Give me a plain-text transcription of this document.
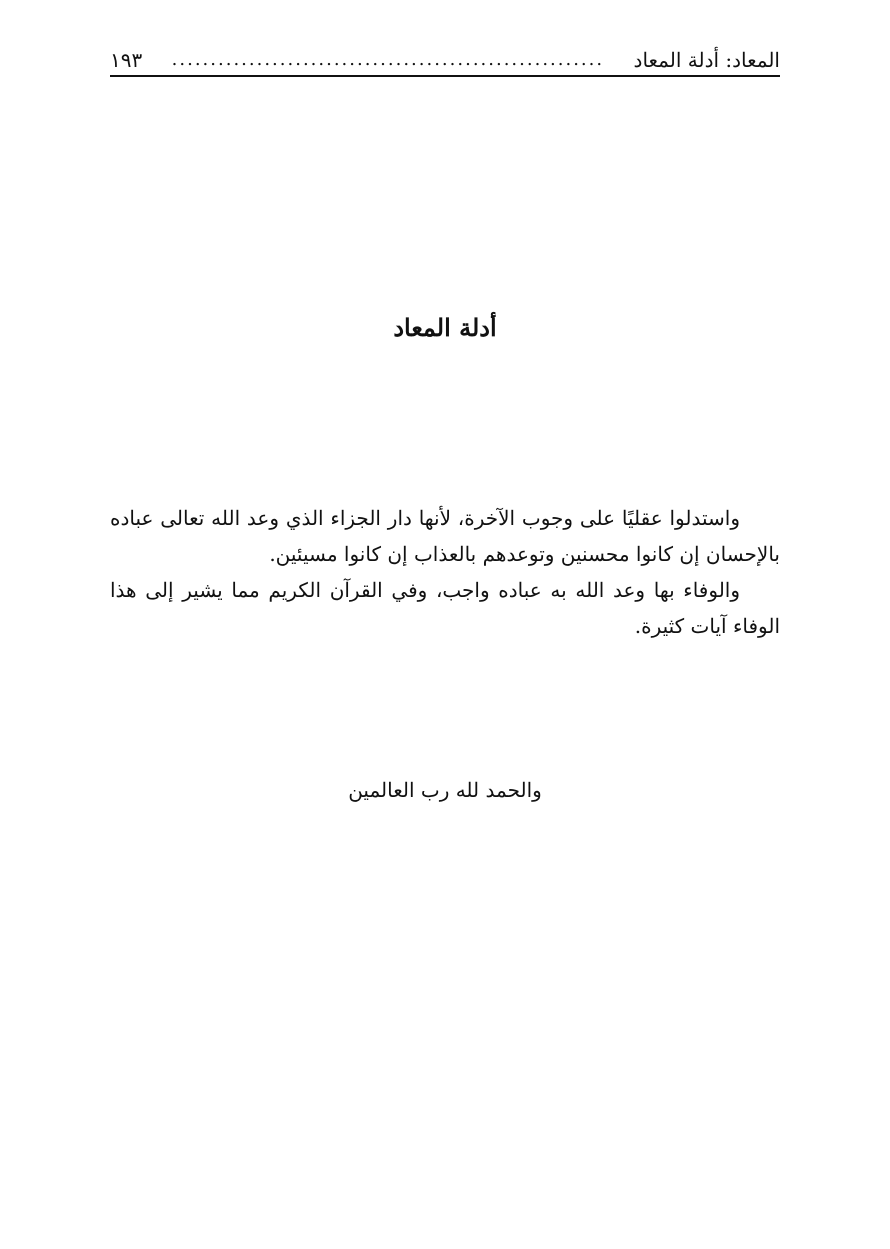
المعاد: أدلة المعاد
........................................................
١٩٣
أدلة المعاد

واستدلوا عقليًا على وجوب الآخرة، لأنها دار الجزاء الذي وعد الله تعالى عباده بالإحسان إن كانوا محسنين وتوعدهم بالعذاب إن كانوا مسيئين.

والوفاء بها وعد الله به عباده واجب، وفي القرآن الكريم مما يشير إلى هذا الوفاء آيات كثيرة.

والحمد لله رب العالمين
